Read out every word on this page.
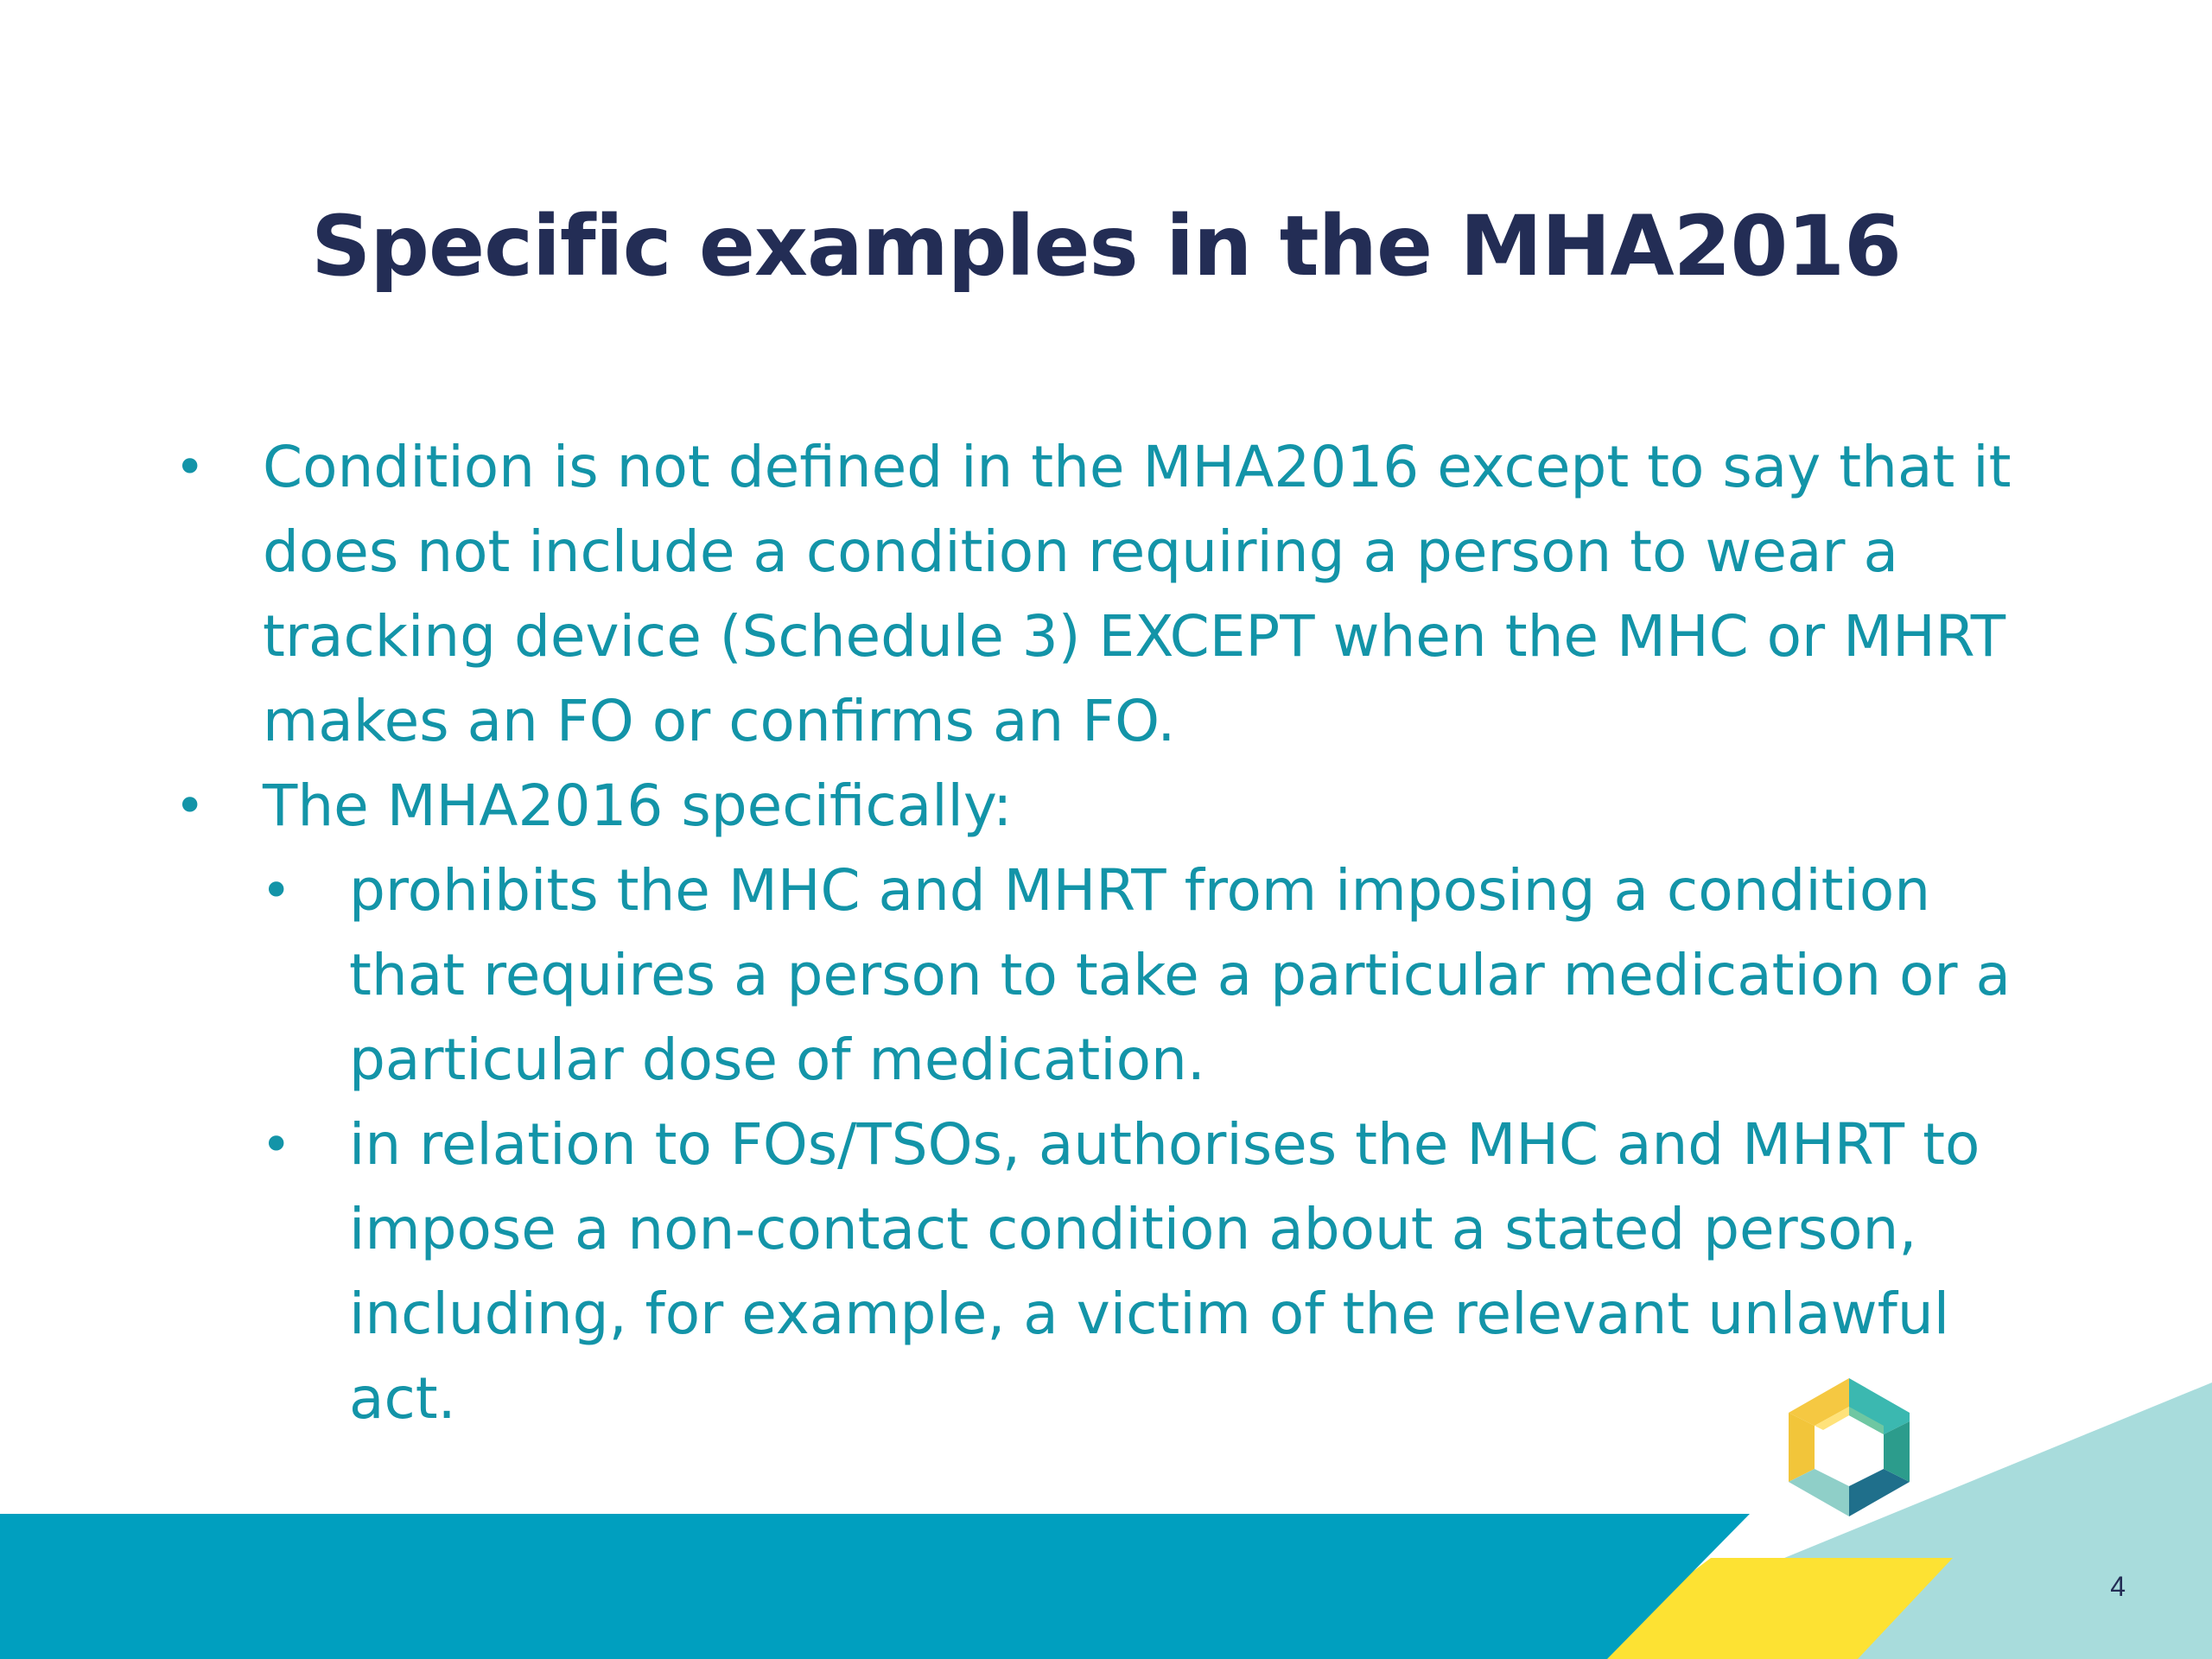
Specific examples in the MHA2016
• Condition is not defined in the MHA2016 except to say that it does not include a condition requiring a person to wear a tracking device (Schedule 3) EXCEPT when the MHC or MHRT makes an FO or confirms an FO.
• The MHA2016 specifically:
• prohibits the MHC and MHRT from imposing a condition that requires a person to take a particular medication or a particular dose of medication.
• in relation to FOs/TSOs, authorises the MHC and MHRT to impose a non-contact condition about a stated person, including, for example, a victim of the relevant unlawful act.
4
